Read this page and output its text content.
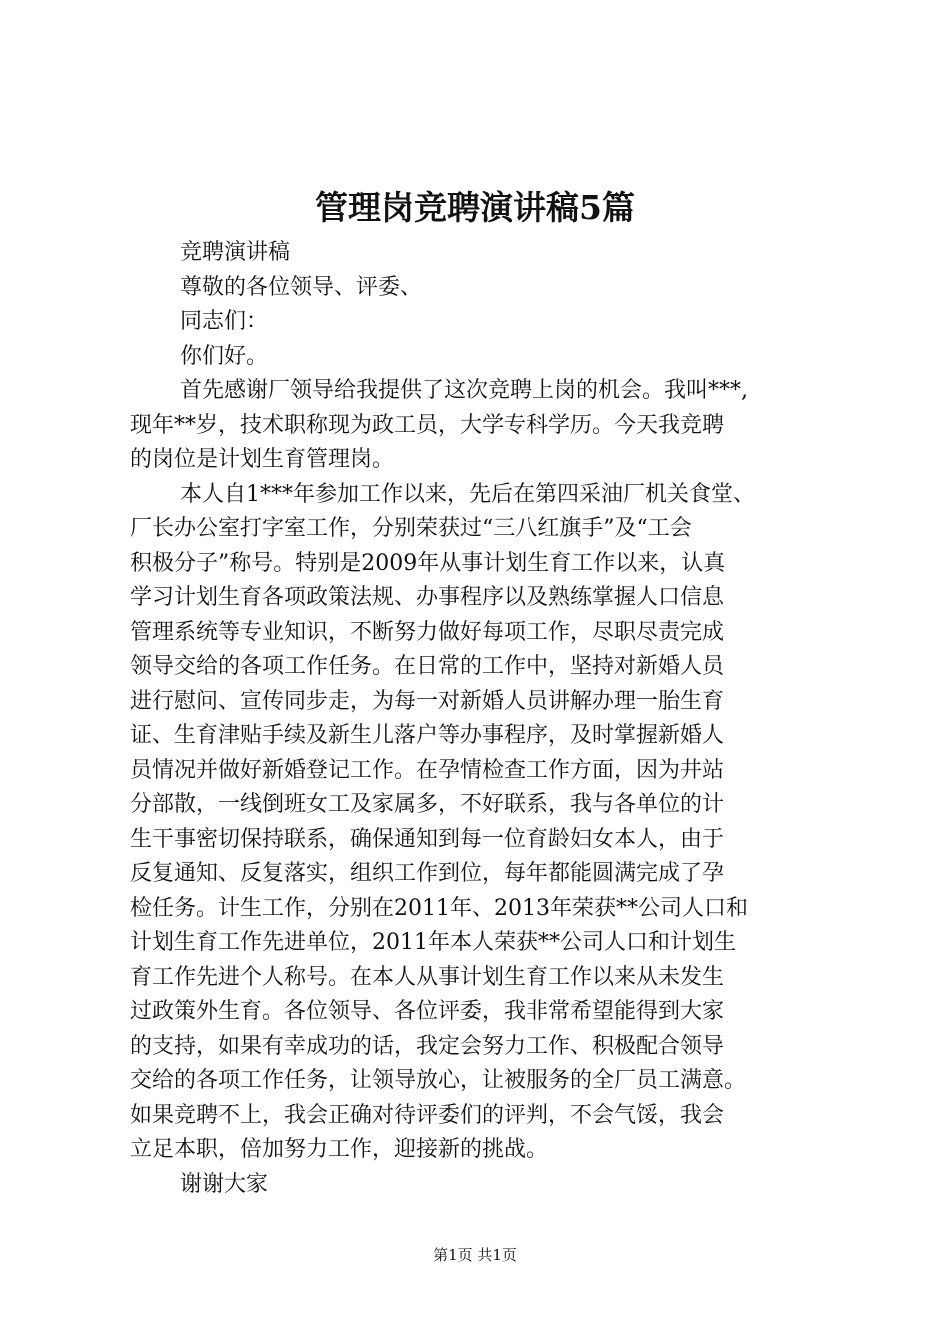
管理岗竞聘演讲稿5篇
竞聘演讲稿
尊敬的各位领导、评委、
同志们：
你们好。
首先感谢厂领导给我提供了这次竞聘上岗的机会。我叫***,
现年**岁，技术职称现为政工员，大学专科学历。今天我竞聘
的岗位是计划生育管理岗。
本人自1***年参加工作以来，先后在第四采油厂机关食堂、
厂长办公室打字室工作，分别荣获过“三八红旗手”及“工会
积极分子”称号。特别是2009年从事计划生育工作以来，认真
学习计划生育各项政策法规、办事程序以及熟练掌握人口信息
管理系统等专业知识，不断努力做好每项工作，尽职尽责完成
领导交给的各项工作任务。在日常的工作中，坚持对新婚人员
进行慰问、宣传同步走，为每一对新婚人员讲解办理一胎生育
证、生育津贴手续及新生儿落户等办事程序，及时掌握新婚人
员情况并做好新婚登记工作。在孕情检查工作方面，因为井站
分部散，一线倒班女工及家属多，不好联系，我与各单位的计
生干事密切保持联系，确保通知到每一位育龄妇女本人，由于
反复通知、反复落实，组织工作到位，每年都能圆满完成了孕
检任务。计生工作，分别在2011年、2013年荣获**公司人口和
计划生育工作先进单位，2011年本人荣获**公司人口和计划生
育工作先进个人称号。在本人从事计划生育工作以来从未发生
过政策外生育。各位领导、各位评委，我非常希望能得到大家
的支持，如果有幸成功的话，我定会努力工作、积极配合领导
交给的各项工作任务，让领导放心，让被服务的全厂员工满意。
如果竞聘不上，我会正确对待评委们的评判，不会气馁，我会
立足本职，倍加努力工作，迎接新的挑战。
谢谢大家
第1页 共1页
